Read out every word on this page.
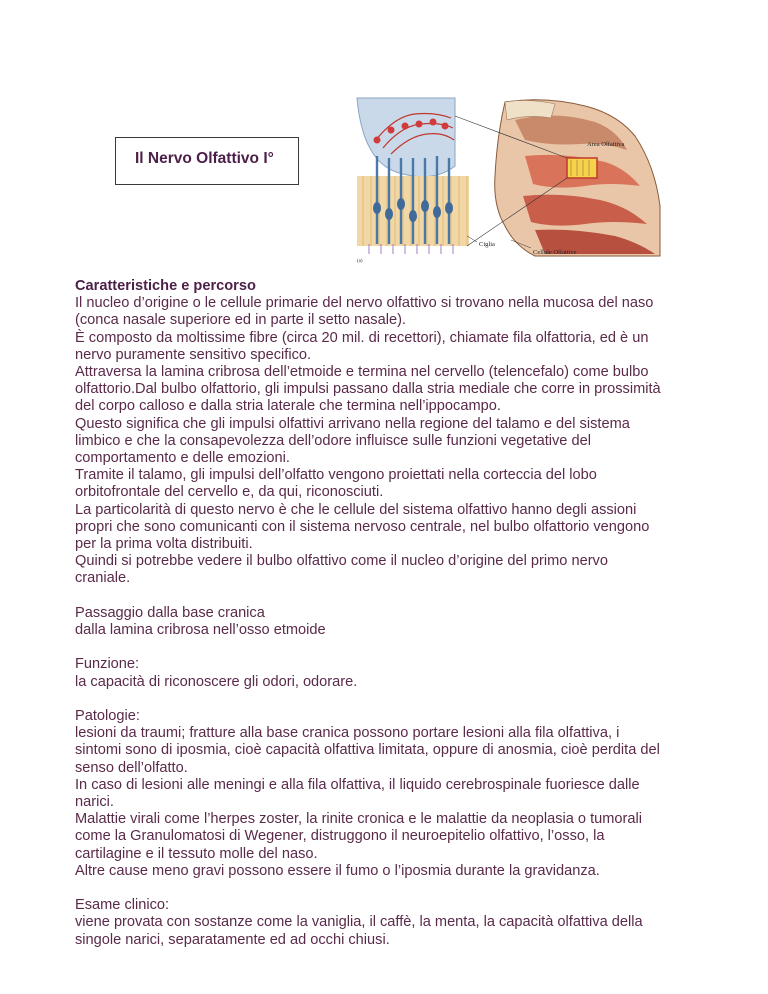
Il Nervo Olfattivo I°
(a)
Area Olfattiva
Ciglia
Cellule Olfattive

Caratteristiche e percorso

Il nucleo d’origine o le cellule primarie del nervo olfattivo si trovano nella mucosa del naso

(conca nasale superiore ed in parte il setto nasale).

È composto da moltissime fibre (circa 20 mil. di recettori), chiamate fila olfattoria, ed è un

nervo puramente sensitivo specifico.

Attraversa la lamina cribrosa dell’etmoide e termina nel cervello (telencefalo) come bulbo

olfattorio.Dal bulbo olfattorio, gli impulsi passano dalla stria mediale che corre in prossimità

del corpo calloso e dalla stria laterale che termina nell’ippocampo.

Questo significa che gli impulsi olfattivi arrivano nella regione del talamo e del sistema

limbico e che la consapevolezza dell’odore influisce sulle funzioni vegetative del

comportamento e delle emozioni.

Tramite il talamo, gli impulsi dell’olfatto vengono proiettati nella corteccia del lobo

orbitofrontale del cervello e, da qui, riconosciuti.

La particolarità di questo nervo è che le cellule del sistema olfattivo hanno degli assioni

propri che sono comunicanti con il sistema nervoso centrale, nel bulbo olfattorio vengono

per la prima volta distribuiti.

Quindi si potrebbe vedere il bulbo olfattivo come il nucleo d’origine del primo nervo

craniale.

Passaggio dalla base cranica

dalla lamina cribrosa nell’osso etmoide

Funzione:

la capacità di riconoscere gli odori, odorare.

Patologie:

lesioni da traumi; fratture alla base cranica possono portare lesioni alla fila olfattiva, i

sintomi sono di iposmia, cioè capacità olfattiva limitata, oppure di anosmia, cioè perdita del

senso dell’olfatto.

In caso di lesioni alle meningi e alla fila olfattiva, il liquido cerebrospinale fuoriesce dalle

narici.

Malattie virali come l’herpes zoster, la rinite cronica e le malattie da neoplasia o tumorali

come la Granulomatosi di Wegener, distruggono il neuroepitelio olfattivo, l’osso, la

cartilagine e il tessuto molle del naso.

Altre cause meno gravi possono essere il fumo o l’iposmia durante la gravidanza.

Esame clinico:

viene provata con sostanze come la vaniglia, il caffè, la menta, la capacità olfattiva della

singole narici, separatamente ed ad occhi chiusi.
